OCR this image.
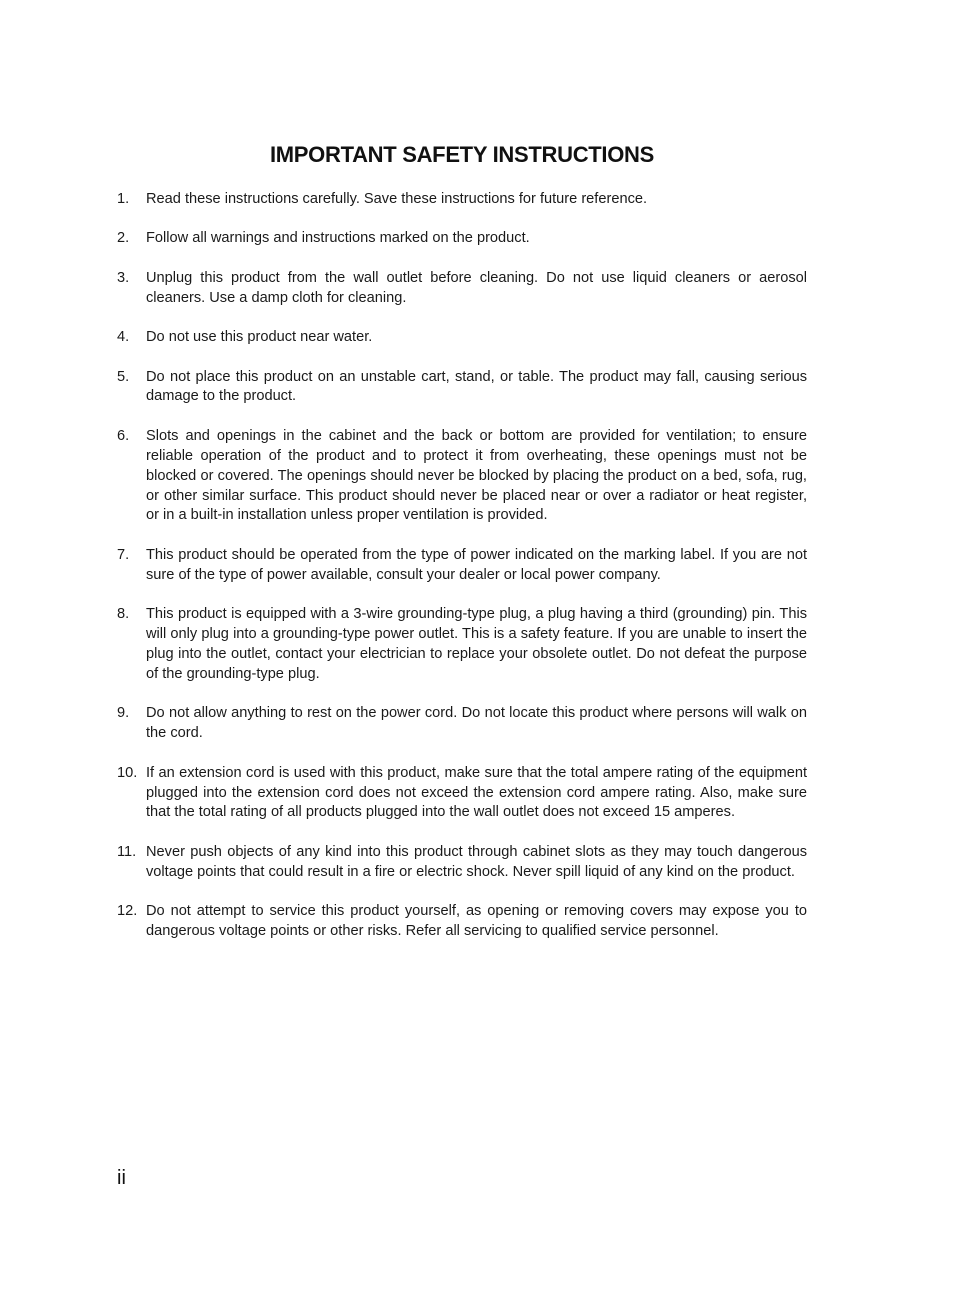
IMPORTANT SAFETY INSTRUCTIONS
1.	Read these instructions carefully. Save these instructions for future reference.
2.	Follow all warnings and instructions marked on the product.
3.	Unplug this product from the wall outlet before cleaning. Do not use liquid cleaners or aerosol cleaners. Use a damp cloth for cleaning.
4.	Do not use this product near water.
5.	Do not place this product on an unstable cart, stand, or table. The product may fall, causing serious damage to the product.
6.	Slots and openings in the cabinet and the back or bottom are provided for ventilation; to ensure reliable operation of the product and to protect it from overheating, these openings must not be blocked or covered. The openings should never be blocked by placing the product on a bed, sofa, rug, or other similar surface. This product should never be placed near or over a radiator or heat register, or in a built-in installation unless proper ventilation is provided.
7.	This product should be operated from the type of power indicated on the marking label. If you are not sure of the type of power available, consult your dealer or local power company.
8.	This product is equipped with a 3-wire grounding-type plug, a plug having a third (grounding) pin. This will only plug into a grounding-type power outlet. This is a safety feature. If you are unable to insert the plug into the outlet, contact your electrician to replace your obsolete outlet. Do not defeat the purpose of the grounding-type plug.
9.	Do not allow anything to rest on the power cord. Do not locate this product where persons will walk on the cord.
10. If an extension cord is used with this product, make sure that the total ampere rating of the equipment plugged into the extension cord does not exceed the extension cord ampere rating. Also, make sure that the total rating of all products plugged into the wall outlet does not exceed 15 amperes.
11. Never push objects of any kind into this product through cabinet slots as they may touch dangerous voltage points that could result in a fire or electric shock. Never spill liquid of any kind on the product.
12. Do not attempt to service this product yourself, as opening or removing covers may expose you to dangerous voltage points or other risks. Refer all servicing to qualified service personnel.
ii
